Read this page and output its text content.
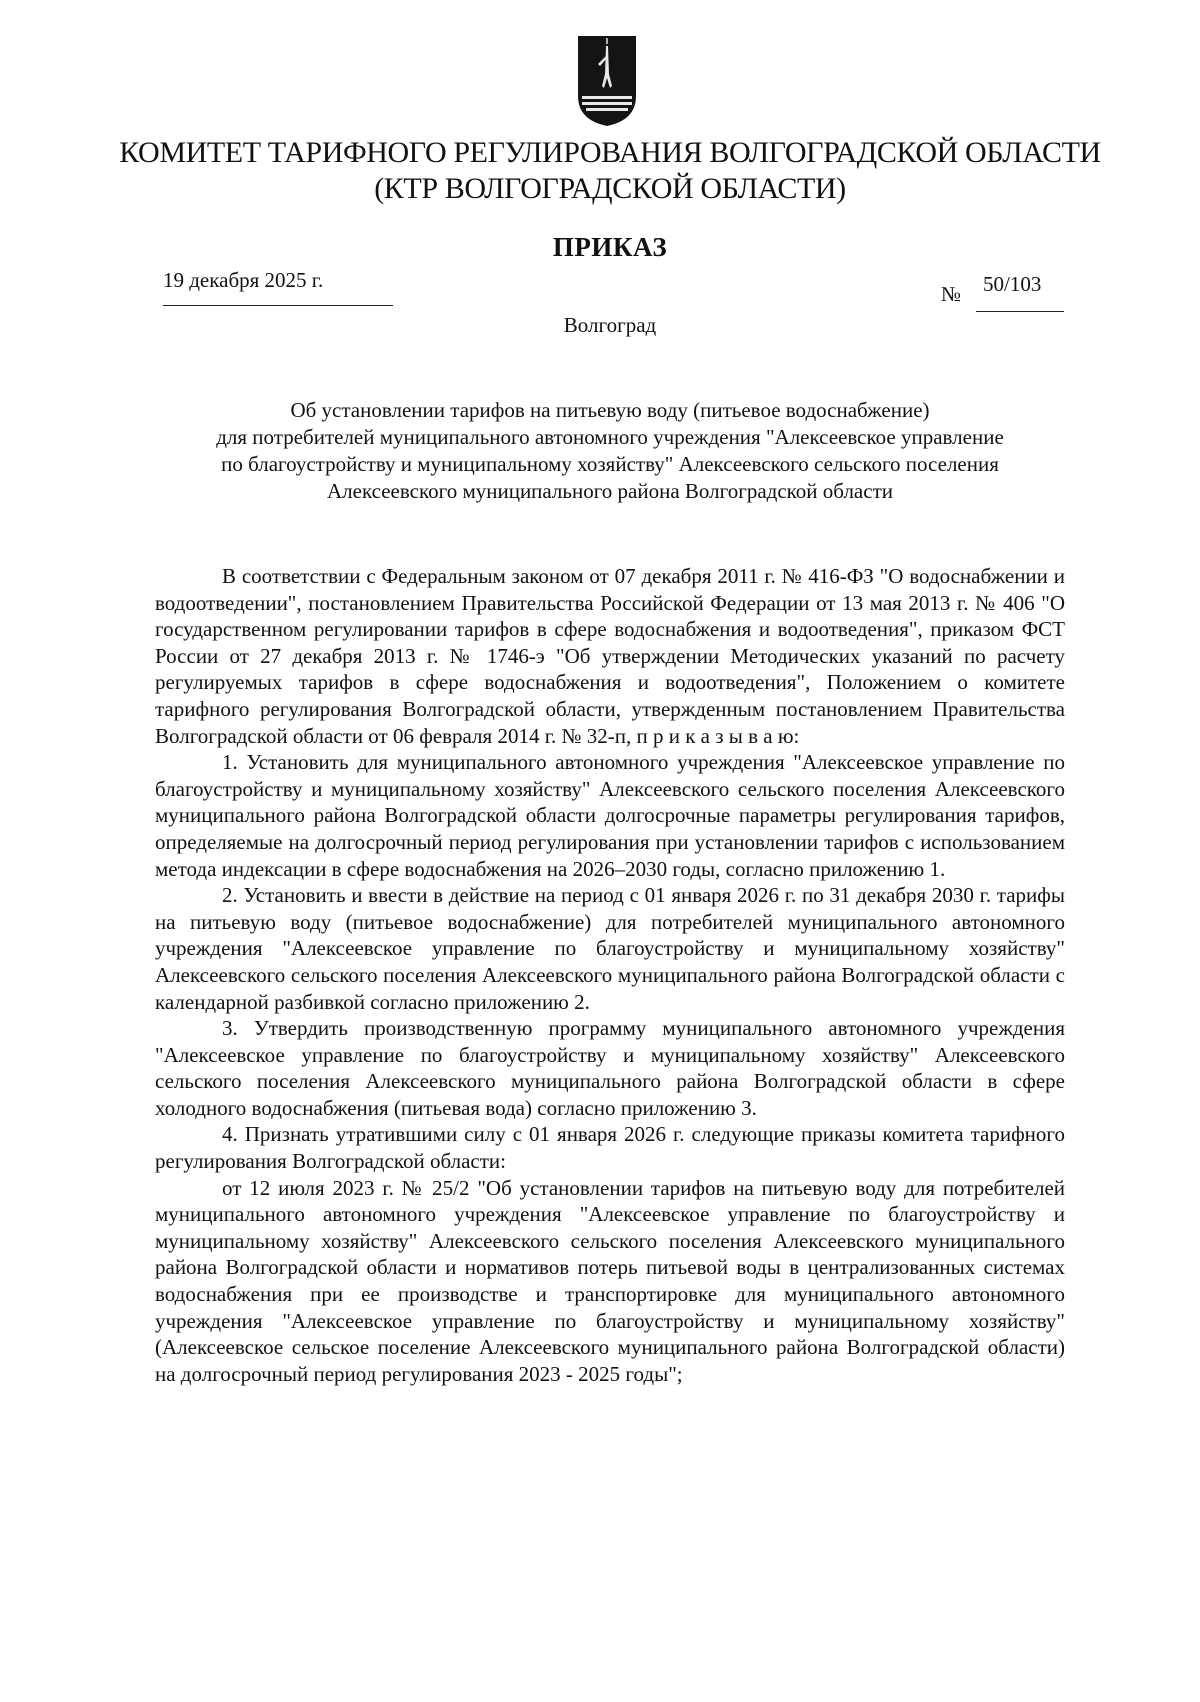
КОМИТЕТ ТАРИФНОГО РЕГУЛИРОВАНИЯ ВОЛГОГРАДСКОЙ ОБЛАСТИ
(КТР ВОЛГОГРАДСКОЙ ОБЛАСТИ)
ПРИКАЗ
19 декабря 2025 г.
№ 50/103
Волгоград
Об установлении тарифов на питьевую воду (питьевое водоснабжение)
для потребителей муниципального автономного учреждения "Алексеевское управление
по благоустройству и муниципальному хозяйству" Алексеевского сельского поселения
Алексеевского муниципального района Волгоградской области

В соответствии с Федеральным законом от 07 декабря 2011 г. № 416-ФЗ "О водоснабжении и водоотведении", постановлением Правительства Российской Федерации от 13 мая 2013 г. № 406 "О государственном регулировании тарифов в сфере водоснабжения и водоотведения", приказом ФСТ России от 27 декабря 2013 г. № 1746-э "Об утверждении Методических указаний по расчету регулируемых тарифов в сфере водоснабжения и водоотведения", Положением о комитете тарифного регулирования Волгоградской области, утвержденным постановлением Правительства Волгоградской области от 06 февраля 2014 г. № 32-п, п р и к а з ы в а ю:

1. Установить для муниципального автономного учреждения "Алексеевское управление по благоустройству и муниципальному хозяйству" Алексеевского сельского поселения Алексеевского муниципального района Волгоградской области долгосрочные параметры регулирования тарифов, определяемые на долгосрочный период регулирования при установлении тарифов с использованием метода индексации в сфере водоснабжения на 2026–2030 годы, согласно приложению 1.

2. Установить и ввести в действие на период с 01 января 2026 г. по 31 декабря 2030 г. тарифы на питьевую воду (питьевое водоснабжение) для потребителей муниципального автономного учреждения "Алексеевское управление по благоустройству и муниципальному хозяйству" Алексеевского сельского поселения Алексеевского муниципального района Волгоградской области с календарной разбивкой согласно приложению 2.

3. Утвердить производственную программу муниципального автономного учреждения "Алексеевское управление по благоустройству и муниципальному хозяйству" Алексеевского сельского поселения Алексеевского муниципального района Волгоградской области в сфере холодного водоснабжения (питьевая вода) согласно приложению 3.

4. Признать утратившими силу с 01 января 2026 г. следующие приказы комитета тарифного регулирования Волгоградской области:

от 12 июля 2023 г. № 25/2 "Об установлении тарифов на питьевую воду для потребителей муниципального автономного учреждения "Алексеевское управление по благоустройству и муниципальному хозяйству" Алексеевского сельского поселения Алексеевского муниципального района Волгоградской области и нормативов потерь питьевой воды в централизованных системах водоснабжения при ее производстве и транспортировке для муниципального автономного учреждения "Алексеевское управление по благоустройству и муниципальному хозяйству" (Алексеевское сельское поселение Алексеевского муниципального района Волгоградской области) на долгосрочный период регулирования 2023 - 2025 годы";
